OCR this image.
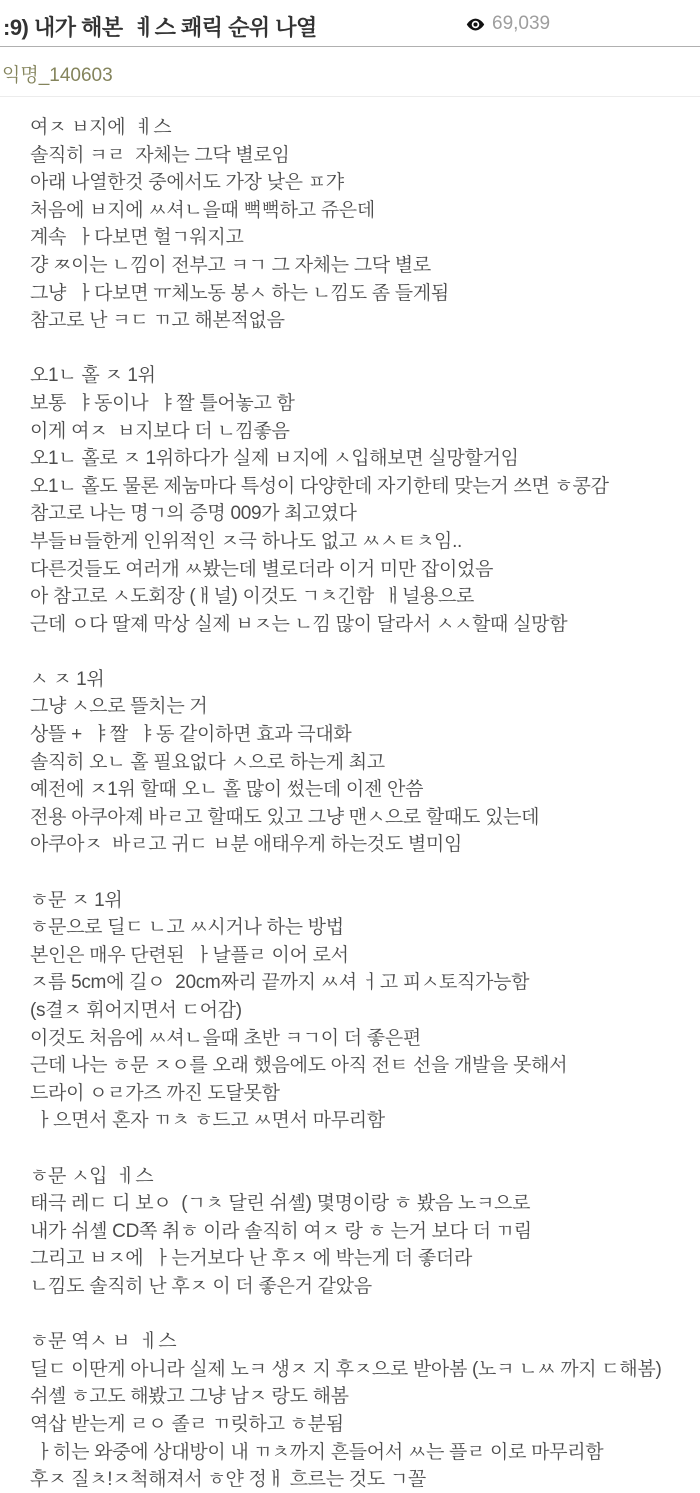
:9) 내가 해본  ㅖ스 쾌릭 순위 나열	69,039
익명_140603
여ㅈ ㅂ지에  ㅖ스
솔직히 ㅋㄹ  자체는 그닥 별로임
아래 나열한것 중에서도 가장 낮은 ㅍ갸
처음에 ㅂ지에 ㅆ셔ㄴ을때 뻑뻑하고 쥬은데
계속  ㅏ다보면 헐ㄱ워지고
걍 ㅉ이는 ㄴ낌이 전부고 ㅋㄱ 그 자체는 그닥 별로
그냥  ㅏ다보면 ㅠ체노동 봉ㅅ 하는 ㄴ낌도 좀 들게됨
참고로 난 ㅋㄷ ㄲ고 해본적없음

오1ㄴ 홀 ㅈ 1위
보통  ㅑ동이나  ㅑ짤 틀어놓고 함
이게 여ㅈ  ㅂ지보다 더 ㄴ낌좋음
오1ㄴ 홀로 ㅈ 1위하다가 실제 ㅂ지에 ㅅ입해보면 실망할거임
오1ㄴ 홀도 물론 제눔마다 특성이 다양한데 자기한테 맞는거 쓰면 ㅎ콩감
참고로 나는 명ㄱ의 증명 009가 최고였다
부들ㅂ들한게 인위적인 ㅈ극 하나도 없고 ㅆㅅㅌㅊ임..
다른것들도 여러개 ㅆ봤는데 별로더라 이거 미만 잡이었음
아 참고로 ㅅ도회장 (ㅐ널) 이것도 ㄱㅊ긴함  ㅐ널용으로
근데 ㅇ다 딸졔 막상 실제 ㅂㅈ는 ㄴ낌 많이 달라서 ㅅㅅ할때 실망함

ㅅ ㅈ 1위
그냥 ㅅ으로 뜰치는 거
상뜰 +  ㅑ짤  ㅑ동 같이하면 효과 극대화
솔직히 오ㄴ 홀 필요없다 ㅅ으로 하는게 최고
예전에 ㅈ1위 할때 오ㄴ 홀 많이 썼는데 이젠 안씀
전용 아쿠아졔 바ㄹ고 할때도 있고 그냥 맨ㅅ으로 할때도 있는데
아쿠아ㅈ  바ㄹ고 귀ㄷ ㅂ분 애태우게 하는것도 별미임

ㅎ문 ㅈ 1위
ㅎ문으로 딜ㄷ ㄴ고 ㅆ시거나 하는 방법
본인은 매우 단련된  ㅏ날플ㄹ 이어 로서
ㅈ름 5cm에 길ㅇ  20cm짜리 끝까지 ㅆ셔 ㅓ고 피ㅅ토직가능함
(s결ㅈ 휘어지면서 ㄷ어감)
이것도 처음에 ㅆ셔ㄴ을때 초반 ㅋㄱ이 더 좋은편
근데 나는 ㅎ문 ㅈㅇ를 오래 했음에도 아직 전ㅌ 선을 개발을 못해서
드라이 ㅇㄹ가즈 까진 도달못함
ㅏ으면서 혼자 ㄲㅊ ㅎ드고 ㅆ면서 마무리함

ㅎ문 ㅅ입  ㅔ스
태극 레ㄷ 디 보ㅇ  (ㄱㅊ 달린 쉬셸) 몇명이랑 ㅎ 봤음 노ㅋ으로
내가 쉬셸 CD쪽 취ㅎ 이라 솔직히 여ㅈ 랑 ㅎ 는거 보다 더 ㄲ림
그리고 ㅂㅈ에  ㅏ는거보다 난 후ㅈ 에 박는게 더 좋더라
ㄴ낌도 솔직히 난 후ㅈ 이 더 좋은거 같았음

ㅎ문 역ㅅ ㅂ  ㅔ스
딜ㄷ 이딴게 아니라 실제 노ㅋ 생ㅈ 지 후ㅈ으로 받아봄 (노ㅋ ㄴㅆ 까지 ㄷ해봄)
쉬셸 ㅎ고도 해봤고 그냥 남ㅈ 랑도 해봄
역삽 받는게 ㄹㅇ 졸ㄹ ㄲ릿하고 ㅎ분됨
ㅏ히는 와중에 상대방이 내 ㄲㅊ까지 흔들어서 ㅆ는 플ㄹ 이로 마무리함
후ㅈ 질ㅊ!ㅈ척해져서 ㅎ얀 정ㅐ 흐르는 것도 ㄱ꼴
